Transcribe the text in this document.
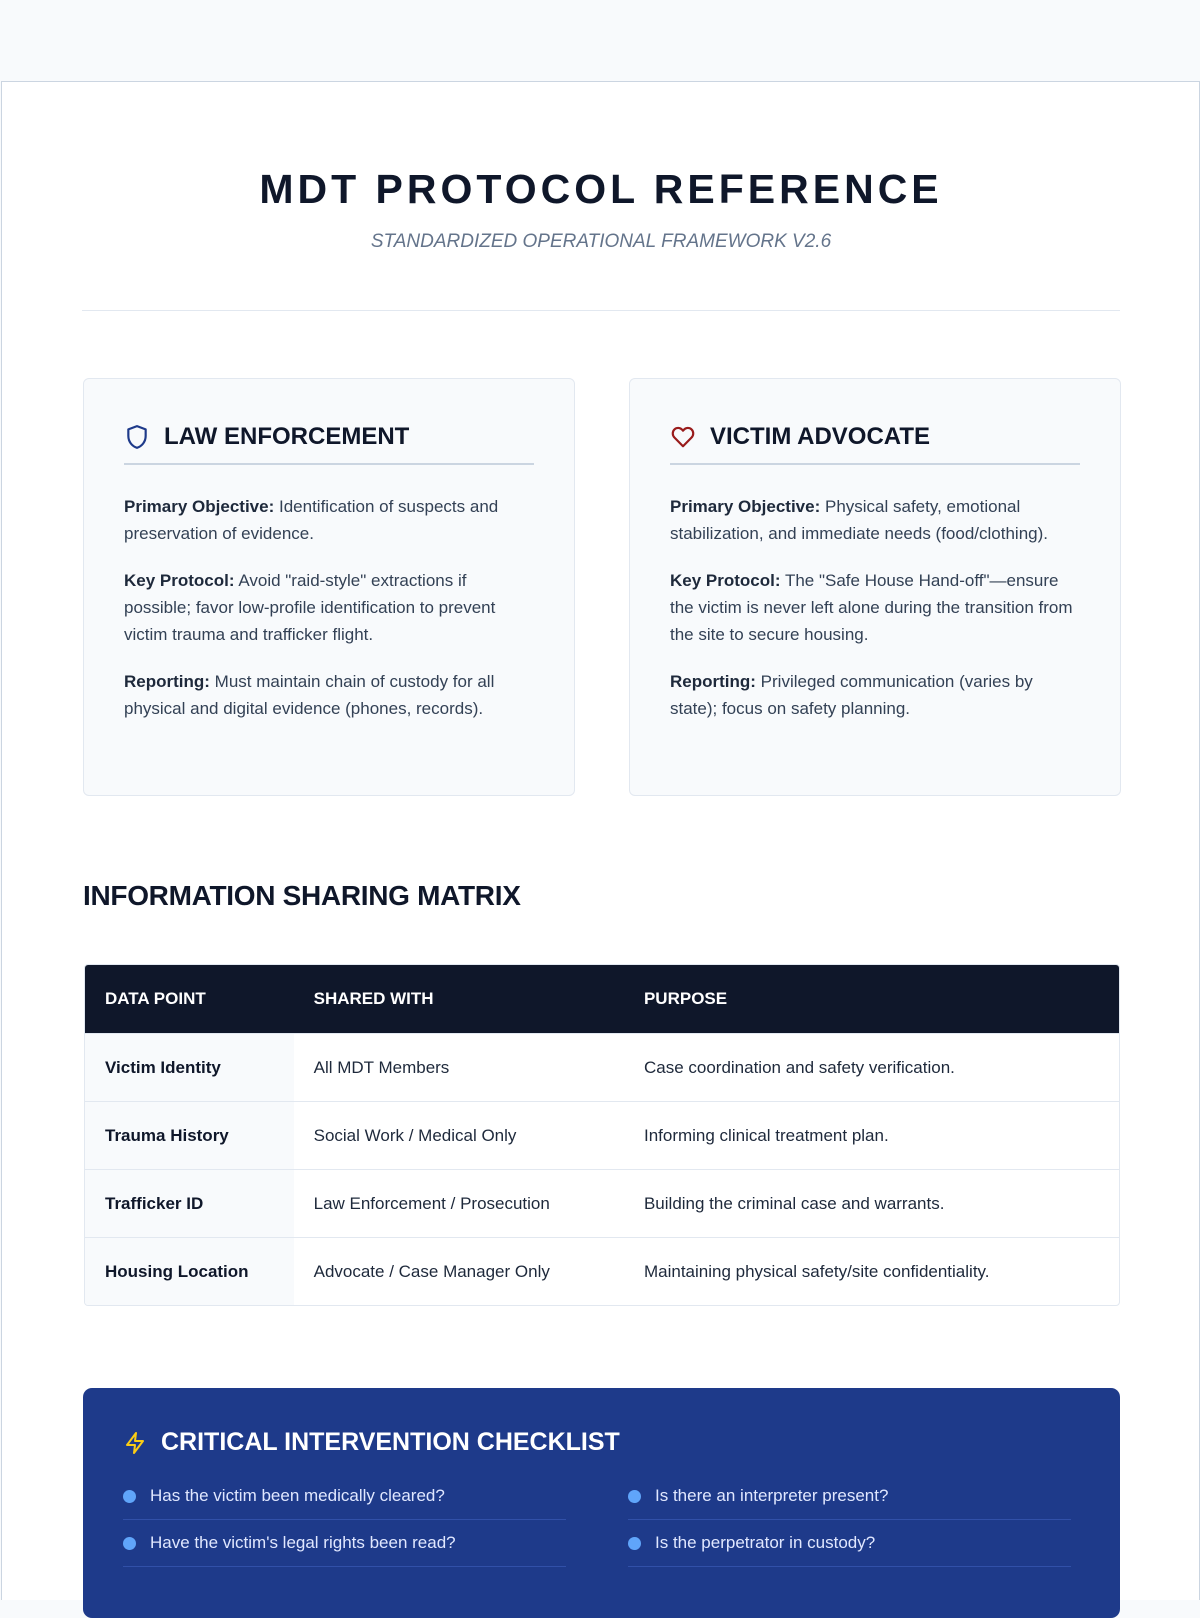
MDT PROTOCOL REFERENCE
STANDARDIZED OPERATIONAL FRAMEWORK V2.6
LAW ENFORCEMENT

Primary Objective: Identification of suspects and preservation of evidence.

Key Protocol: Avoid "raid-style" extractions if possible; favor low-profile identification to prevent victim trauma and trafficker flight.

Reporting: Must maintain chain of custody for all physical and digital evidence (phones, records).

VICTIM ADVOCATE

Primary Objective: Physical safety, emotional stabilization, and immediate needs (food/clothing).

Key Protocol: The "Safe House Hand-off"—ensure the victim is never left alone during the transition from the site to secure housing.

Reporting: Privileged communication (varies by state); focus on safety planning.

INFORMATION SHARING MATRIX
DATA POINT	SHARED WITH	PURPOSE
Victim Identity	All MDT Members	Case coordination and safety verification.
Trauma History	Social Work / Medical Only	Informing clinical treatment plan.
Trafficker ID	Law Enforcement / Prosecution	Building the criminal case and warrants.
Housing Location	Advocate / Case Manager Only	Maintaining physical safety/site confidentiality.
CRITICAL INTERVENTION CHECKLIST
Has the victim been medically cleared?	Is there an interpreter present?
Have the victim's legal rights been read?	Is the perpetrator in custody?
